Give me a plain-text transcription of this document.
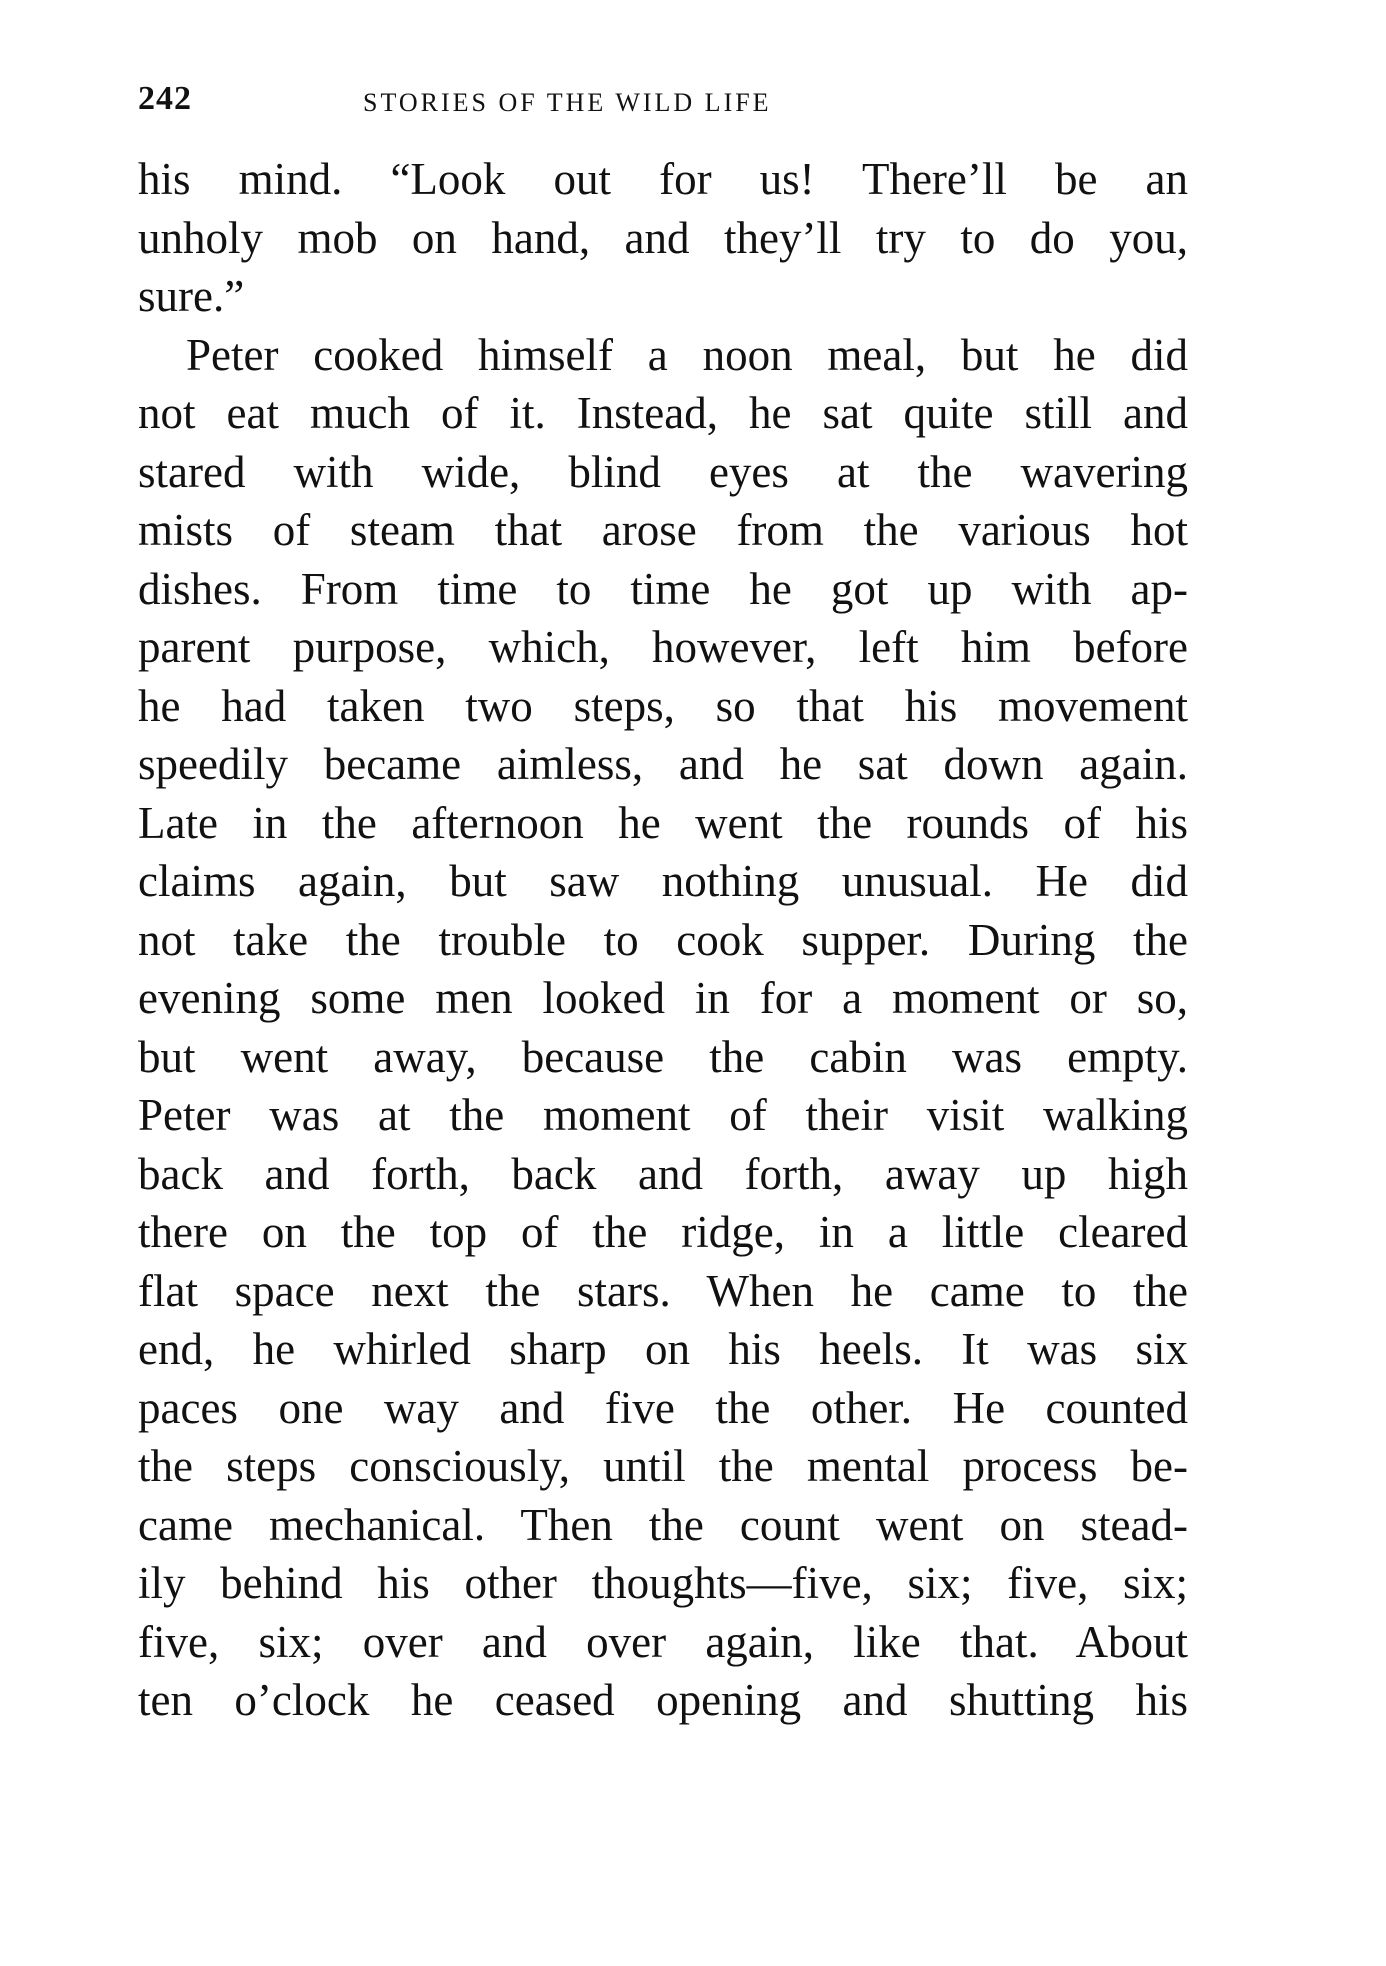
242	STORIES OF THE WILD LIFE
his mind. “Look out for us! There’ll be an
unholy mob on hand, and they’ll try to do you,
sure.”
Peter cooked himself a noon meal, but he did
not eat much of it. Instead, he sat quite still and
stared with wide, blind eyes at the wavering
mists of steam that arose from the various hot
dishes. From time to time he got up with ap-
parent purpose, which, however, left him before
he had taken two steps, so that his movement
speedily became aimless, and he sat down again.
Late in the afternoon he went the rounds of his
claims again, but saw nothing unusual. He did
not take the trouble to cook supper. During the
evening some men looked in for a moment or so,
but went away, because the cabin was empty.
Peter was at the moment of their visit walking
back and forth, back and forth, away up high
there on the top of the ridge, in a little cleared
flat space next the stars. When he came to the
end, he whirled sharp on his heels. It was six
paces one way and five the other. He counted
the steps consciously, until the mental process be-
came mechanical. Then the count went on stead-
ily behind his other thoughts—five, six; five, six;
five, six; over and over again, like that. About
ten o’clock he ceased opening and shutting his
